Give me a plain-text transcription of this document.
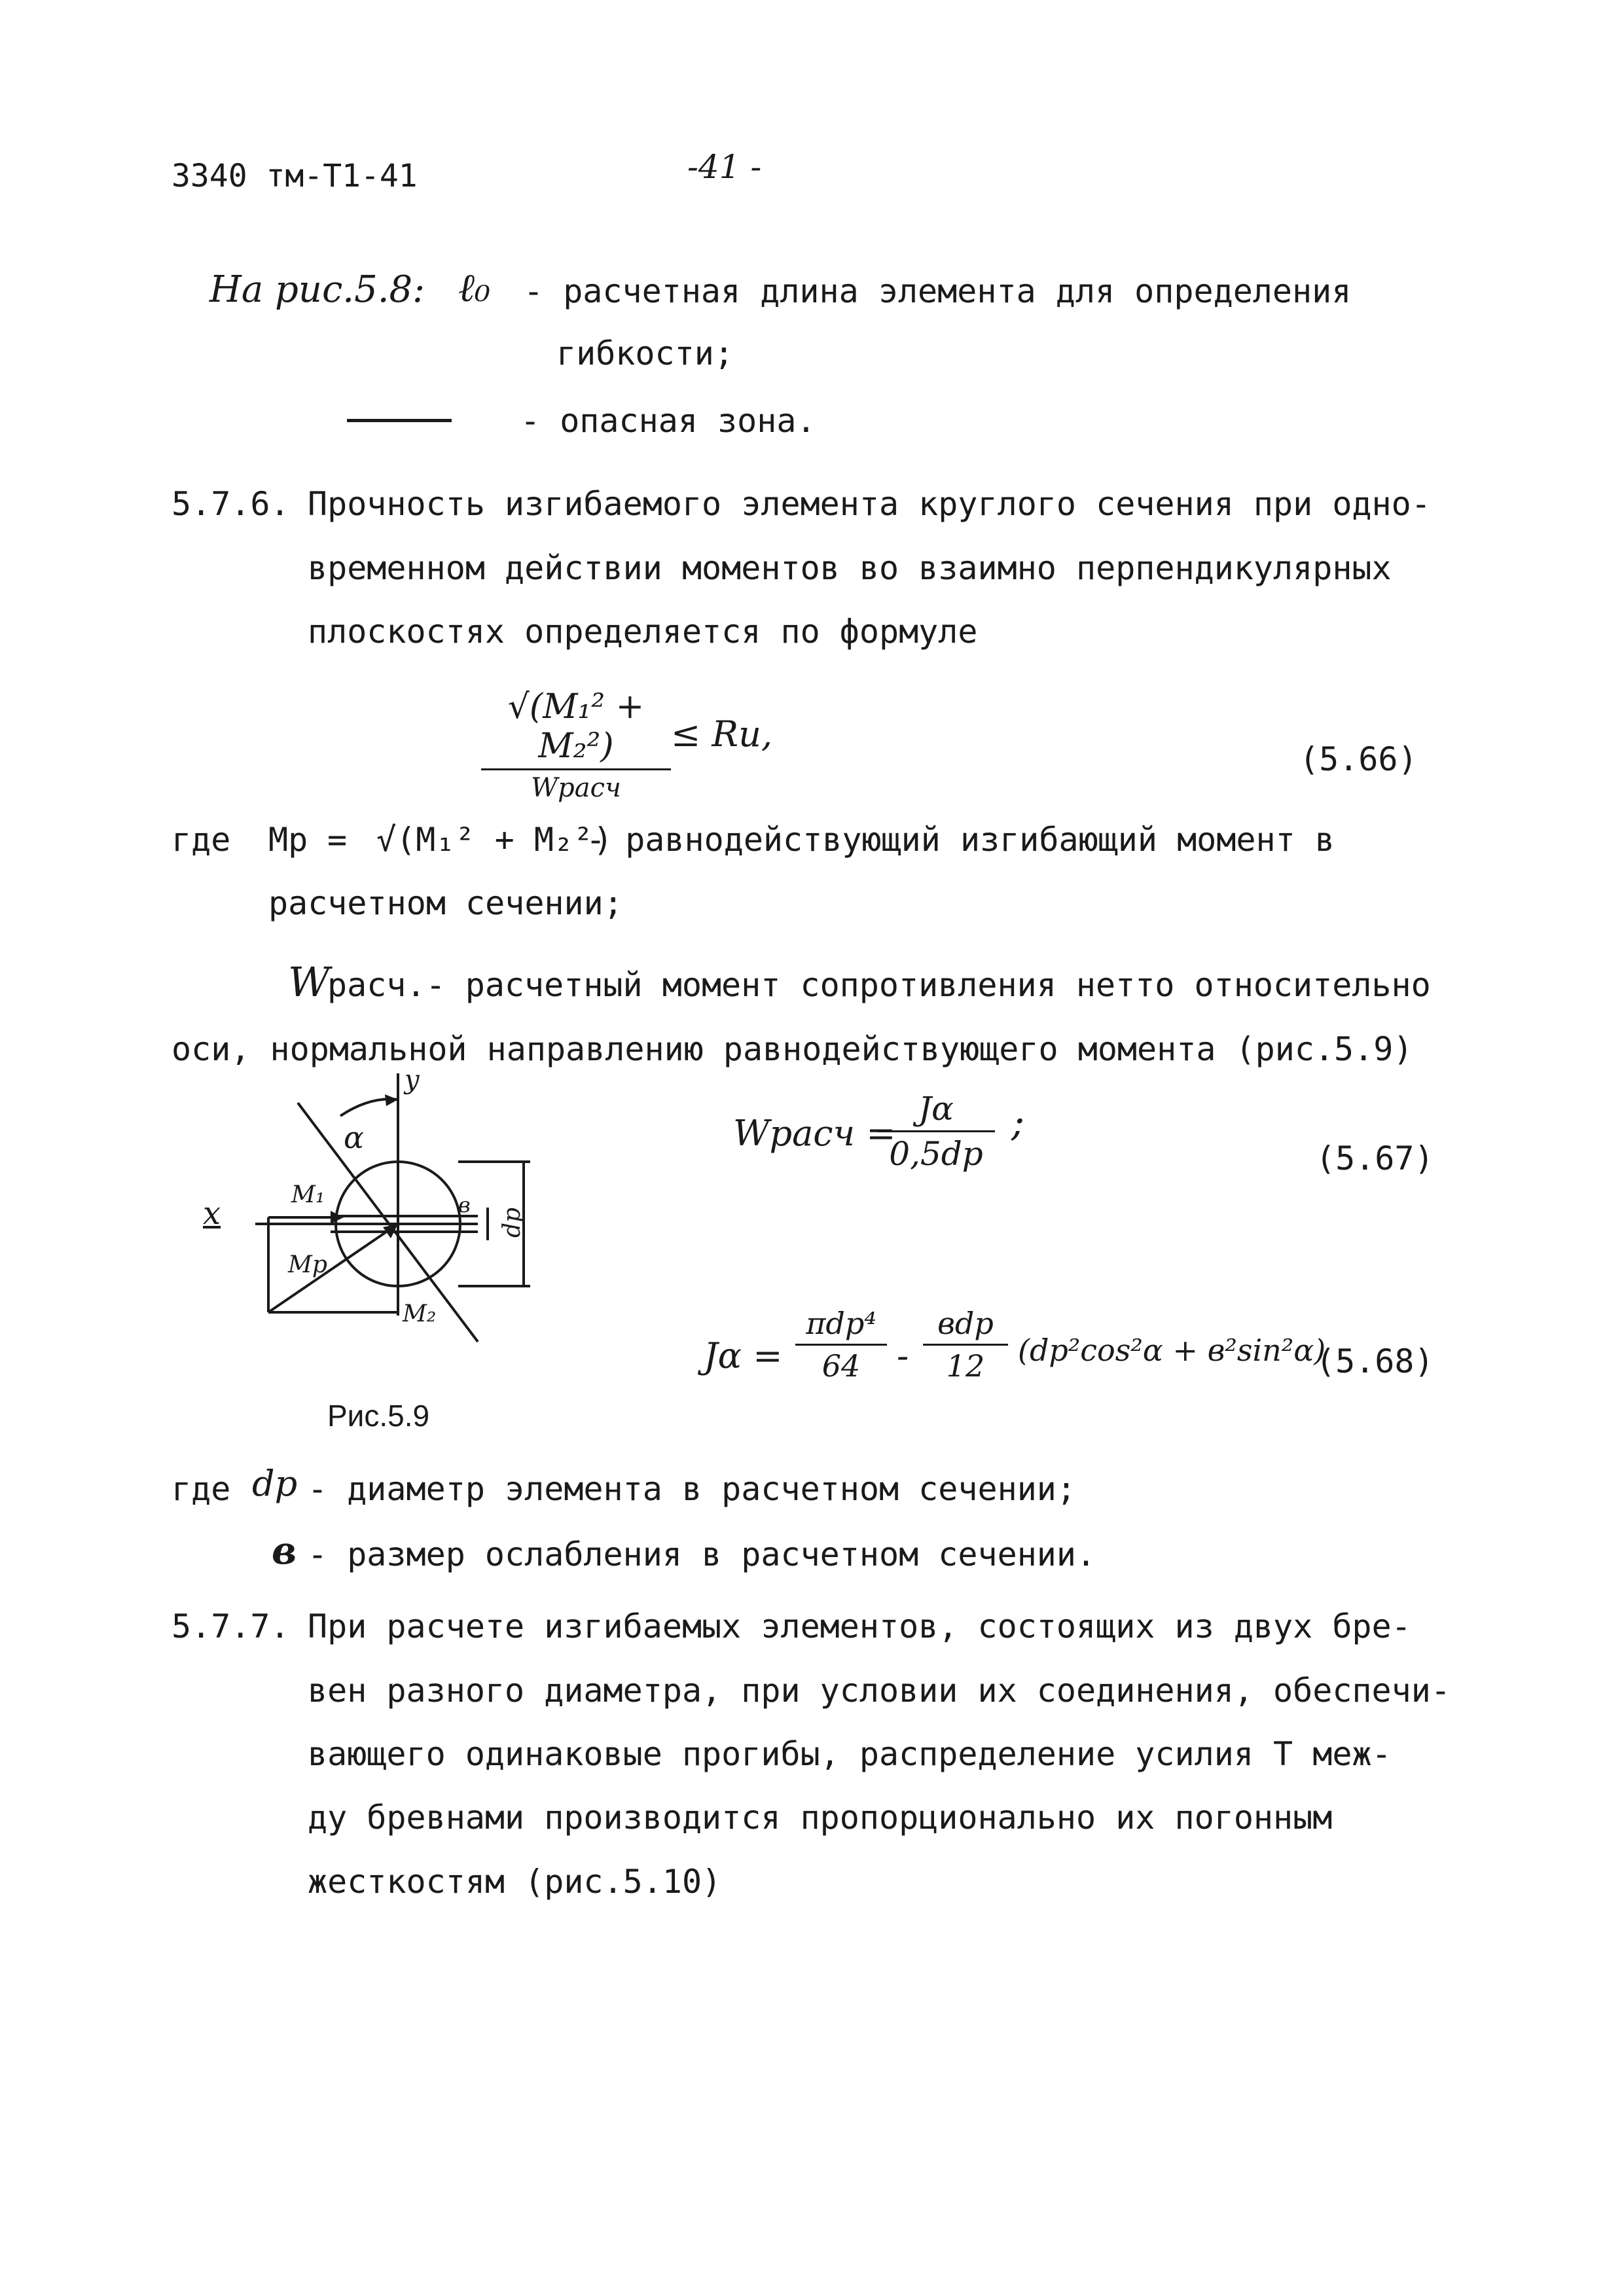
3340 тм-Т1-41	-41 -
На рис.5.8: ℓ₀ - расчетная длина элемента для определения
гибкости;
- опасная зона.
5.7.6. Прочность изгибаемого элемента круглого сечения при одно-
временном действии моментов во взаимно перпендикулярных
плоскостях определяется по формуле
√(M₁² + M₂²)
Wрасч
≤ Rи,
(5.66)
где Мр = √(М₁² + М₂²)
- равнодействующий изгибающий момент в
расчетном сечении;
W
расч.- расчетный момент сопротивления нетто относительно
оси, нормальной направлению равнодействующего момента (рис.5.9)
y
α
x
M₁
Mр
M₂
в
dр
Рис.5.9
Wрасч =
Jα
0,5dр
;
(5.67)
Jα =
πdр⁴
64	-
вdр
12	(dр²cos²α + в²sin²α)
(5.68)
где dр - диаметр элемента в расчетном сечении;
в - размер ослабления в расчетном сечении.
5.7.7. При расчете изгибаемых элементов, состоящих из двух бре-
вен разного диаметра, при условии их соединения, обеспечи-
вающего одинаковые прогибы, распределение усилия Т меж-
ду бревнами производится пропорционально их погонным
жесткостям (рис.5.10)
